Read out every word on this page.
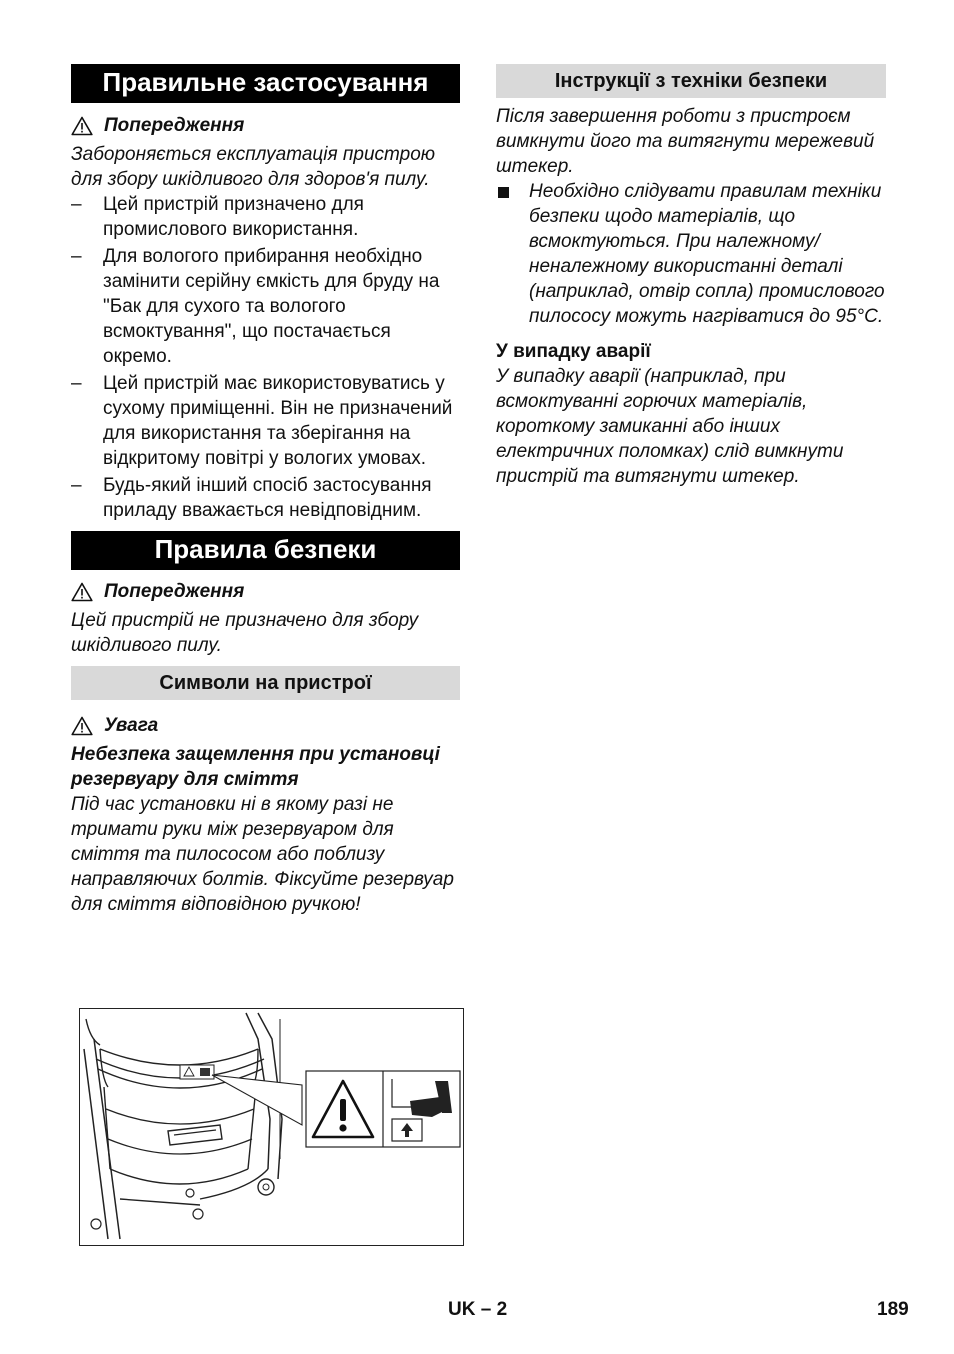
Правильне застосування
Попередження
Забороняється експлуатація пристрою для збору шкідливого для здоров'я пилу.
– Цей пристрій призначено для промислового використання.
– Для вологого прибирання необхідно замінити серійну ємкість для бруду на "Бак для сухого та вологого всмоктування", що постачається окремо.
– Цей пристрій має використовуватись у сухому приміщенні. Він не призначений для використання та зберігання на відкритому повітрі у вологих умовах.
– Будь-який інший спосіб застосування приладу вважається невідповідним.
Правила безпеки
Попередження
Цей пристрій не призначено для збору шкідливого пилу.
Символи на пристрої
Увага
Небезпека защемлення при установці резервуару для сміття
Під час установки ні в якому разі не тримати руки між резервуаром для сміття та пилососом або поблизу направляючих болтів. Фіксуйте резервуар для сміття відповідною ручкою!
Інструкції з техніки безпеки
Після завершення роботи з пристроєм вимкнути його та витягнути мережевий штекер.
Необхідно слідувати правилам техніки безпеки щодо матеріалів, що всмоктуються. При належному/ неналежному використанні деталі (наприклад, отвір сопла) промислового пилососу можуть нагріватися до 95°C.
У випадку аварії
У випадку аварії (наприклад, при всмоктуванні горючих матеріалів, короткому замиканні або інших електричних поломках) слід вимкнути пристрій та витягнути штекер.
UK – 2	189
